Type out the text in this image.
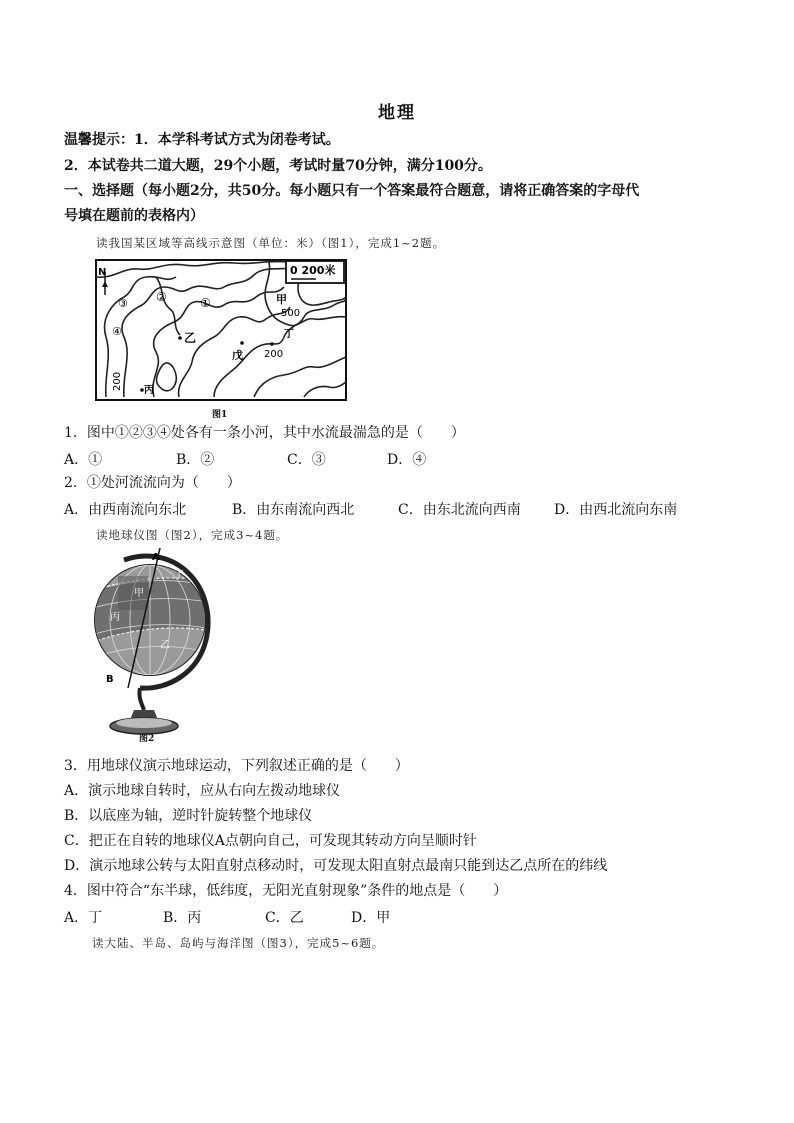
地理
温馨提示：1．本学科考试方式为闭卷考试。
2．本试卷共二道大题，29个小题，考试时量70分钟，满分100分。
一、选择题（每小题2分，共50分。每小题只有一个答案最符合题意，请将正确答案的字母代
号填在题前的表格内）
读我国某区域等高线示意图（单位：米）（图1），完成1~2题。
N	0 200米
③
④
②	①
乙
戊
甲
500
丁
200
丙
200
图1
1．图中①②③④处各有一条小河，其中水流最湍急的是（　　）
A．①	B．②	C．③	D．④
2．①处河流流向为（　　）
A．由西南流向东北	B．由东南流向西北	C．由东北流向西南 D．由西北流向东南
读地球仪图（图2），完成3~4题。
A
B
甲
丁
丙
乙
图2
3．用地球仪演示地球运动，下列叙述正确的是（　　）
A．演示地球自转时，应从右向左拨动地球仪
B．以底座为轴，逆时针旋转整个地球仪
C．把正在自转的地球仪A点朝向自己，可发现其转动方向呈顺时针
D．演示地球公转与太阳直射点移动时，可发现太阳直射点最南只能到达乙点所在的纬线
4．图中符合“东半球，低纬度，无阳光直射现象”条件的地点是（　　）
A．丁	B．丙	C．乙	D．甲
读大陆、半岛、岛屿与海洋图（图3），完成5~6题。
